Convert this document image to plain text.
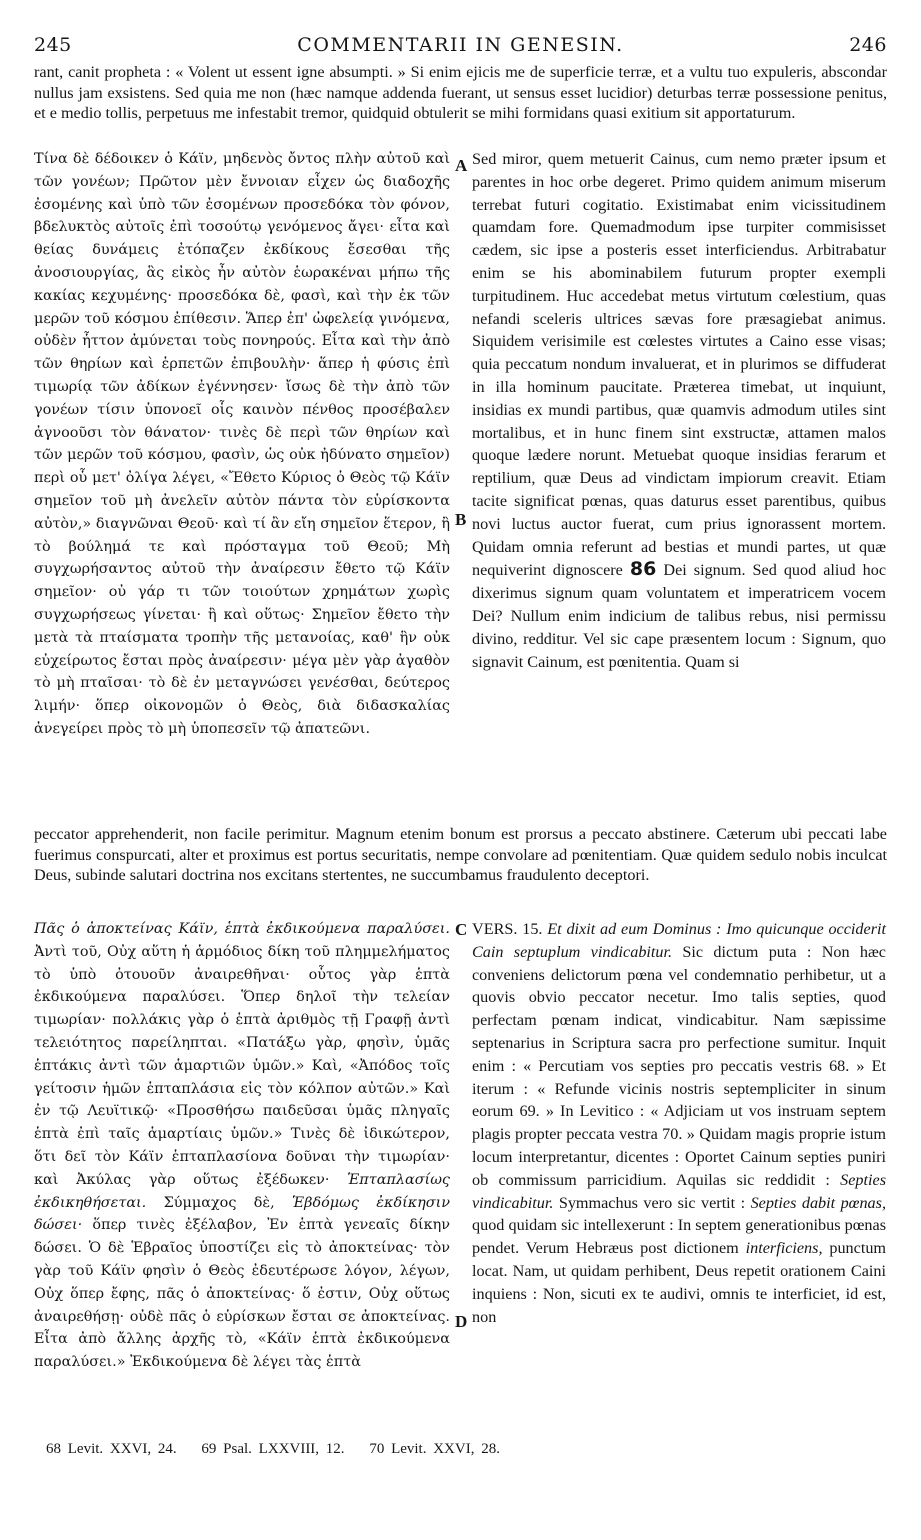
245	COMMENTARII IN GENESIN.	246
rant, canit propheta : « Volent ut essent igne absumpti. » Si enim ejicis me de superficie terræ, et a vultu tuo expuleris, abscondar nullus jam exsistens. Sed quia me non (hæc namque addenda fuerant, ut sensus esset lucidior) deturbas terræ possessione penitus, et e medio tollis, perpetuus me infestabit tremor, quidquid obtulerit se mihi formidans quasi exitium sit apportaturum.
Τίνα δὲ δέδοικεν ὁ Κάϊν, μηδενὸς ὄντος πλὴν αὐτοῦ καὶ τῶν γονέων; Πρῶτον μὲν ἔννοιαν εἶχεν ὡς διαδοχῆς ἐσομένης καὶ ὑπὸ τῶν ἐσομένων προσεδόκα τὸν φόνον, βδελυκτὸς αὐτοῖς ἐπὶ τοσούτῳ γενόμενος ἄγει· εἶτα καὶ θείας δυνάμεις ἐτόπαζεν ἐκδίκους ἔσεσθαι τῆς ἀνοσιουργίας, ἃς εἰκὸς ἦν αὐτὸν ἑωρακέναι μήπω τῆς κακίας κεχυμένης· προσεδόκα δὲ, φασὶ, καὶ τὴν ἐκ τῶν μερῶν τοῦ κόσμου ἐπίθεσιν. Ἅπερ ἐπ' ὠφελείᾳ γινόμενα, οὐδὲν ἧττον ἀμύνεται τοὺς πονηρούς. Εἶτα καὶ τὴν ἀπὸ τῶν θηρίων καὶ ἑρπετῶν ἐπιβουλὴν· ἅπερ ἡ φύσις ἐπὶ τιμωρίᾳ τῶν ἀδίκων ἐγέννησεν· ἴσως δὲ τὴν ἀπὸ τῶν γονέων τίσιν ὑπονοεῖ οἷς καινὸν πένθος προσέβαλεν ἀγνοοῦσι τὸν θάνατον· τινὲς δὲ περὶ τῶν θηρίων καὶ τῶν μερῶν τοῦ κόσμου, φασὶν, ὡς οὐκ ἠδύνατο σημεῖον) περὶ οὗ μετ' ὀλίγα λέγει, «Ἔθετο Κύριος ὁ Θεὸς τῷ Κάϊν σημεῖον τοῦ μὴ ἀνελεῖν αὐτὸν πάντα τὸν εὑρίσκοντα αὐτὸν,» διαγνῶναι Θεοῦ· καὶ τί ἂν εἴη σημεῖον ἕτερον, ἢ τὸ βούλημά τε καὶ πρόσταγμα τοῦ Θεοῦ; Μὴ συγχωρήσαντος αὐτοῦ τὴν ἀναίρεσιν ἔθετο τῷ Κάϊν σημεῖον· οὐ γάρ τι τῶν τοιούτων χρημάτων χωρὶς συγχωρήσεως γίνεται· ἢ καὶ οὕτως· Σημεῖον ἔθετο τὴν μετὰ τὰ πταίσματα τροπὴν τῆς μετανοίας, καθ' ἣν οὐκ εὐχείρωτος ἔσται πρὸς ἀναίρεσιν· μέγα μὲν γὰρ ἀγαθὸν τὸ μὴ πταῖσαι· τὸ δὲ ἐν μεταγνώσει γενέσθαι, δεύτερος λιμήν· ὅπερ οἰκονομῶν ὁ Θεὸς, διὰ διδασκαλίας ἀνεγείρει πρὸς τὸ μὴ ὑποπεσεῖν τῷ ἀπατεῶνι.
Sed miror, quem metuerit Cainus, cum nemo præter ipsum et parentes in hoc orbe degeret. Primo quidem animum miserum terrebat futuri cogitatio. Existimabat enim vicissitudinem quamdam fore. Quemadmodum ipse turpiter commisisset cædem, sic ipse a posteris esset interficiendus. Arbitrabatur enim se his abominabilem futurum propter exempli turpitudinem. Huc accedebat metus virtutum cœlestium, quas nefandi sceleris ultrices sævas fore præsagiebat animus. Siquidem verisimile est cœlestes virtutes a Caino esse visas; quia peccatum nondum invaluerat, et in plurimos se diffuderat in illa hominum paucitate. Præterea timebat, ut inquiunt, insidias ex mundi partibus, quæ quamvis admodum utiles sint mortalibus, et in hunc finem sint exstructæ, attamen malos quoque lædere norunt. Metuebat quoque insidias ferarum et reptilium, quæ Deus ad vindictam impiorum creavit. Etiam tacite significat pœnas, quas daturus esset parentibus, quibus novi luctus auctor fuerat, cum prius ignorassent mortem. Quidam omnia referunt ad bestias et mundi partes, ut quæ nequiverint dignoscere 86 Dei signum. Sed quod aliud hoc dixerimus signum quam voluntatem et imperatricem vocem Dei? Nullum enim indicium de talibus rebus, nisi permissu divino, redditur. Vel sic cape præsentem locum : Signum, quo signavit Cainum, est pœnitentia. Quam si
A
B
peccator apprehenderit, non facile perimitur. Magnum etenim bonum est prorsus a peccato abstinere. Cæterum ubi peccati labe fuerimus conspurcati, alter et proximus est portus securitatis, nempe convolare ad pœnitentiam. Quæ quidem sedulo nobis inculcat Deus, subinde salutari doctrina nos excitans stertentes, ne succumbamus fraudulento deceptori.
Πᾶς ὁ ἀποκτείνας Κάϊν, ἑπτὰ ἐκδικούμενα παραλύσει. Ἀντὶ τοῦ, Οὐχ αὕτη ἡ ἁρμόδιος δίκη τοῦ πλημμελήματος τὸ ὑπὸ ὁτουοῦν ἀναιρεθῆναι· οὗτος γὰρ ἑπτὰ ἐκδικούμενα παραλύσει. Ὅπερ δηλοῖ τὴν τελείαν τιμωρίαν· πολλάκις γὰρ ὁ ἑπτὰ ἀριθμὸς τῇ Γραφῇ ἀντὶ τελειότητος παρείληπται. «Πατάξω γὰρ, φησὶν, ὑμᾶς ἑπτάκις ἀντὶ τῶν ἁμαρτιῶν ὑμῶν.» Καὶ, «Ἀπόδος τοῖς γείτοσιν ἡμῶν ἑπταπλάσια εἰς τὸν κόλπον αὐτῶν.» Καὶ ἐν τῷ Λευϊτικῷ· «Προσθήσω παιδεῦσαι ὑμᾶς πληγαῖς ἑπτὰ ἐπὶ ταῖς ἁμαρτίαις ὑμῶν.» Τινὲς δὲ ἰδικώτερον, ὅτι δεῖ τὸν Κάϊν ἑπταπλασίονα δοῦναι τὴν τιμωρίαν· καὶ Ἀκύλας γὰρ οὕτως ἐξέδωκεν· Ἑπταπλασίως ἐκδικηθήσεται. Σύμμαχος δὲ, Ἑβδόμως ἐκδίκησιν δώσει· ὅπερ τινὲς ἐξέλαβον, Ἐν ἑπτὰ γενεαῖς δίκην δώσει. Ὁ δὲ Ἑβραῖος ὑποστίζει εἰς τὸ ἀποκτείνας· τὸν γὰρ τοῦ Κάϊν φησὶν ὁ Θεὸς ἐδευτέρωσε λόγον, λέγων, Οὐχ ὅπερ ἔφης, πᾶς ὁ ἀποκτείνας· ὅ ἐστιν, Οὐχ οὕτως ἀναιρεθήσῃ· οὐδὲ πᾶς ὁ εὑρίσκων ἔσται σε ἀποκτείνας. Εἶτα ἀπὸ ἄλλης ἀρχῆς τὸ, «Κάϊν ἑπτὰ ἐκδικούμενα παραλύσει.» Ἐκδικούμενα δὲ λέγει τὰς ἑπτὰ
VERS. 15. Et dixit ad eum Dominus : Imo quicunque occiderit Cain septuplum vindicabitur. Sic dictum puta : Non hæc conveniens delictorum pœna vel condemnatio perhibetur, ut a quovis obvio peccator necetur. Imo talis septies, quod perfectam pœnam indicat, vindicabitur. Nam sæpissime septenarius in Scriptura sacra pro perfectione sumitur. Inquit enim : « Percutiam vos septies pro peccatis vestris 68. » Et iterum : « Refunde vicinis nostris septempliciter in sinum eorum 69. » In Levitico : « Adjiciam ut vos instruam septem plagis propter peccata vestra 70. » Quidam magis proprie istum locum interpretantur, dicentes : Oportet Cainum septies puniri ob commissum parricidium. Aquilas sic reddidit : Septies vindicabitur. Symmachus vero sic vertit : Septies dabit pœnas, quod quidam sic intellexerunt : In septem generationibus pœnas pendet. Verum Hebræus post dictionem interficiens, punctum locat. Nam, ut quidam perhibent, Deus repetit orationem Caini inquiens : Non, sicuti ex te audivi, omnis te interficiet, id est, non
C
D
68 Levit. XXVI, 24. 69 Psal. LXXVIII, 12. 70 Levit. XXVI, 28.
